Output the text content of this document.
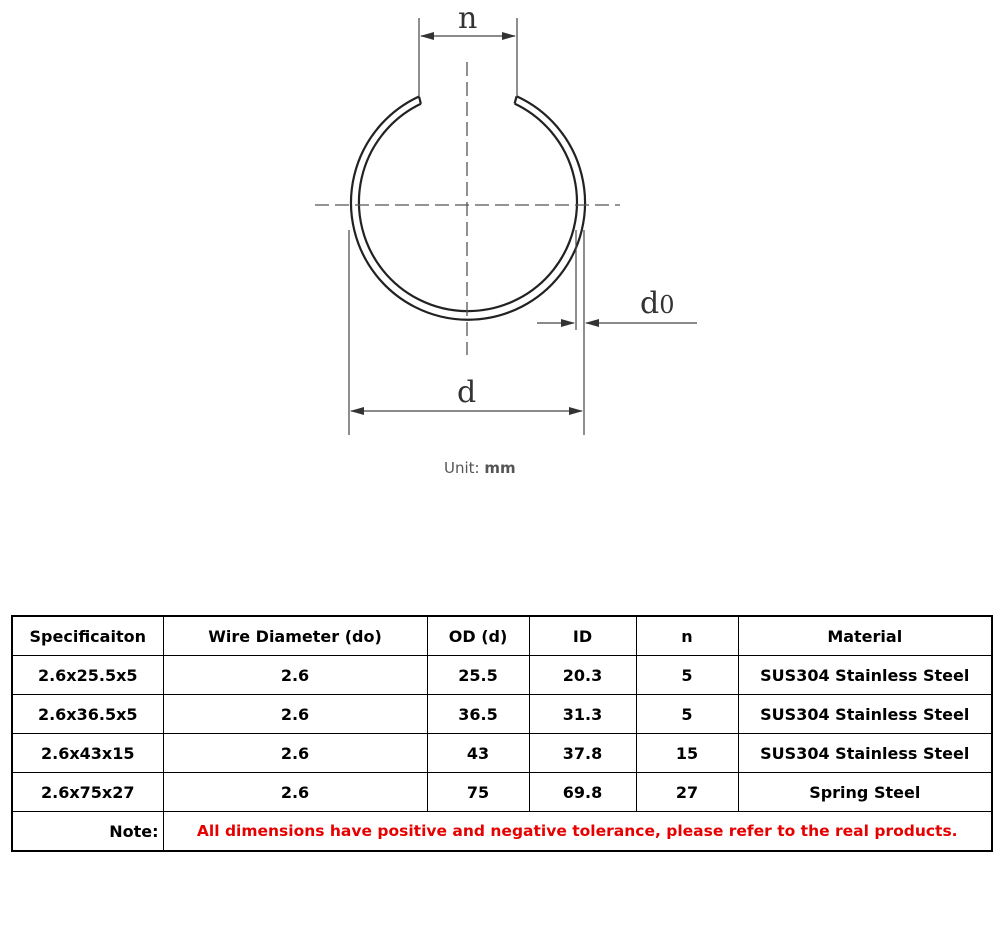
n
d0
d
Unit: mm
Specificaiton	Wire Diameter (do)	OD (d)	ID	n	Material
2.6x25.5x5	2.6	25.5	20.3	5	SUS304 Stainless Steel
2.6x36.5x5	2.6	36.5	31.3	5	SUS304 Stainless Steel
2.6x43x15	2.6	43	37.8	15	SUS304 Stainless Steel
2.6x75x27	2.6	75	69.8	27	Spring Steel
Note:	All dimensions have positive and negative tolerance, please refer to the real products.				
